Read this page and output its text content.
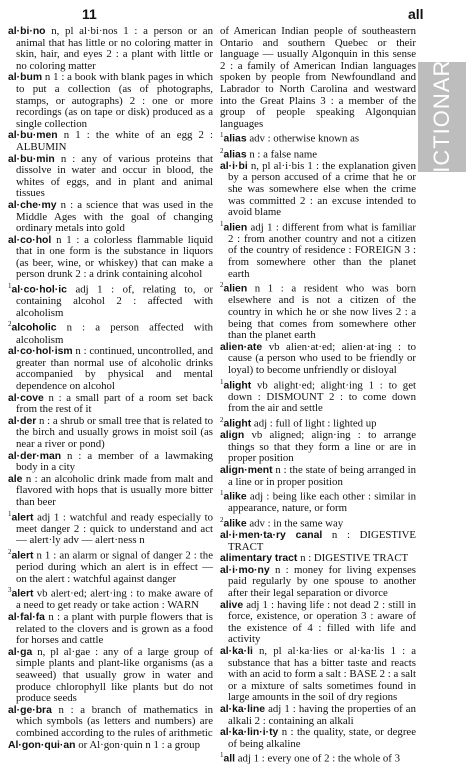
11	all
DICTIONARY

al·bi·no n, pl al·bi·nos 1 : a person or an animal that has little or no coloring matter in skin, hair, and eyes 2 : a plant with little or no coloring matter

al·bum n 1 : a book with blank pages in which to put a collection (as of photographs, stamps, or autographs) 2 : one or more recordings (as on tape or disk) produced as a single collection

al·bu·men n 1 : the white of an egg 2 : ALBUMIN

al·bu·min n : any of various proteins that dissolve in water and occur in blood, the whites of eggs, and in plant and animal tissues

al·che·my n : a science that was used in the Middle Ages with the goal of changing ordinary metals into gold

al·co·hol n 1 : a colorless flammable liquid that in one form is the substance in liquors (as beer, wine, or whiskey) that can make a person drunk 2 : a drink containing alcohol

$^1$al·co·hol·ic adj 1 : of, relating to, or containing alcohol 2 : affected with alcoholism

$^2$alcoholic n : a person affected with alcoholism

al·co·hol·ism n : continued, uncontrolled, and greater than normal use of alcoholic drinks accompanied by physical and mental dependence on alcohol

al·cove n : a small part of a room set back from the rest of it

al·der n : a shrub or small tree that is related to the birch and usually grows in moist soil (as near a river or pond)

al·der·man n : a member of a lawmaking body in a city

ale n : an alcoholic drink made from malt and flavored with hops that is usually more bitter than beer

$^1$alert adj 1 : watchful and ready especially to meet danger 2 : quick to understand and act — alert·ly adv — alert·ness n

$^2$alert n 1 : an alarm or signal of danger 2 : the period during which an alert is in effect — on the alert : watchful against danger

$^3$alert vb alert·ed; alert·ing : to make aware of a need to get ready or take action : WARN

al·fal·fa n : a plant with purple flowers that is related to the clovers and is grown as a food for horses and cattle

al·ga n, pl al·gae : any of a large group of simple plants and plant-like organisms (as a seaweed) that usually grow in water and produce chlorophyll like plants but do not produce seeds

al·ge·bra n : a branch of mathematics in which symbols (as letters and numbers) are combined according to the rules of arithmetic

Al·gon·qui·an or Al·gon·quin n 1 : a group

of American Indian people of southeastern Ontario and southern Quebec or their language — usually Algonquin in this sense 2 : a family of American Indian languages spoken by people from Newfoundland and Labrador to North Carolina and westward into the Great Plains 3 : a member of the group of people speaking Algonquian languages

$^1$alias adv : otherwise known as

$^2$alias n : a false name

al·i·bi n, pl al·i·bis 1 : the explanation given by a person accused of a crime that he or she was somewhere else when the crime was committed 2 : an excuse intended to avoid blame

$^1$alien adj 1 : different from what is familiar 2 : from another country and not a citizen of the country of residence : FOREIGN 3 : from somewhere other than the planet earth

$^2$alien n 1 : a resident who was born elsewhere and is not a citizen of the country in which he or she now lives 2 : a being that comes from somewhere other than the planet earth

alien·ate vb alien·at·ed; alien·at·ing : to cause (a person who used to be friendly or loyal) to become unfriendly or disloyal

$^1$alight vb alight·ed; alight·ing 1 : to get down : DISMOUNT 2 : to come down from the air and settle

$^2$alight adj : full of light : lighted up

align vb aligned; align·ing : to arrange things so that they form a line or are in proper position

align·ment n : the state of being arranged in a line or in proper position

$^1$alike adj : being like each other : similar in appearance, nature, or form

$^2$alike adv : in the same way

al·i·men·ta·ry canal n : DIGESTIVE TRACT

alimentary tract n : DIGESTIVE TRACT

al·i·mo·ny n : money for living expenses paid regularly by one spouse to another after their legal separation or divorce

alive adj 1 : having life : not dead 2 : still in force, existence, or operation 3 : aware of the existence of 4 : filled with life and activity

al·ka·li n, pl al·ka·lies or al·ka·lis 1 : a substance that has a bitter taste and reacts with an acid to form a salt : BASE 2 : a salt or a mixture of salts sometimes found in large amounts in the soil of dry regions

al·ka·line adj 1 : having the properties of an alkali 2 : containing an alkali

al·ka·lin·i·ty n : the quality, state, or degree of being alkaline

$^1$all adj 1 : every one of 2 : the whole of 3
